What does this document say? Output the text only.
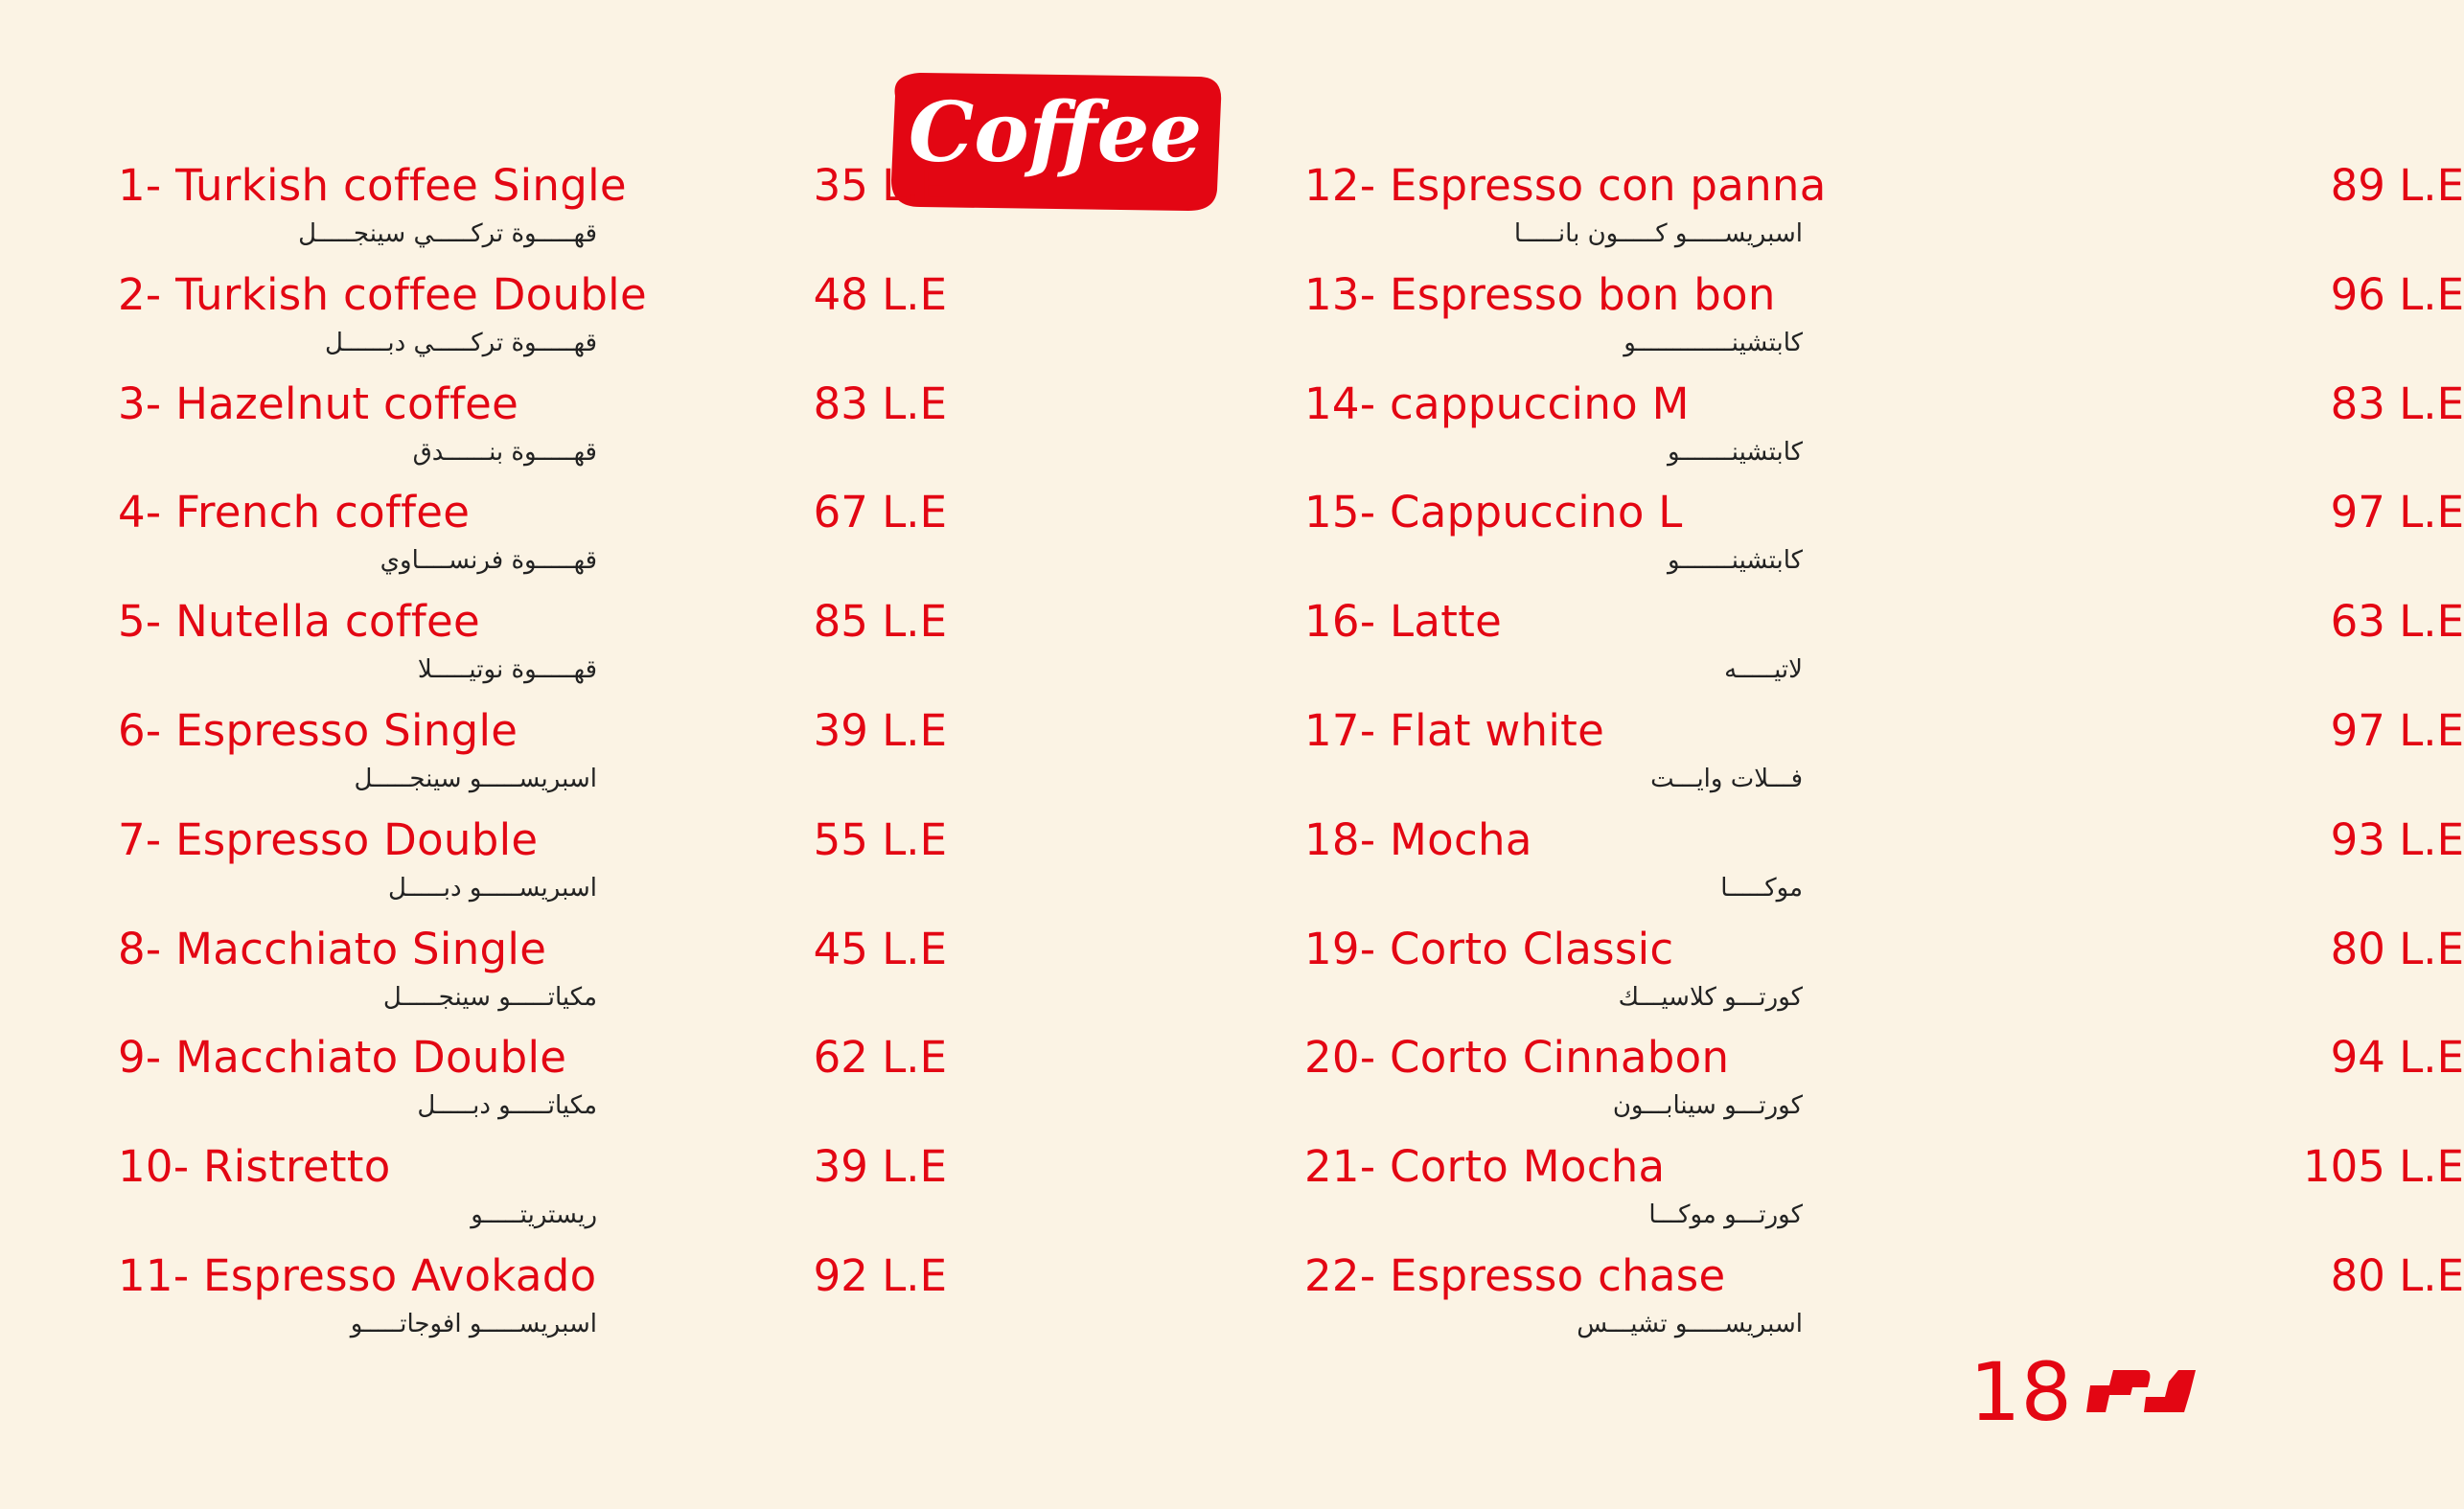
Coffee
1- Turkish coffee Single	35 L.E
قهـــــوة تركـــــي سينجـــــل
2- Turkish coffee Double	48 L.E
قهـــــوة تركـــــي دبــــــل
3- Hazelnut coffee	83 L.E
قهـــــوة بنــــــدق
4- French coffee	67 L.E
قهـــــوة فرنســــاوي
5- Nutella coffee	85 L.E
قهـــــوة نوتيـــــلا
6- Espresso Single	39 L.E
اسبريســـــو سينجـــــل
7- Espresso Double	55 L.E
اسبريســـــو دبـــــل
8- Macchiato Single	45 L.E
مكياتـــــو سينجـــــل
9- Macchiato Double	62 L.E
مكياتـــــو دبـــــل
10- Ristretto	39 L.E
ريستريتـــــو
11- Espresso Avokado	92 L.E
اسبريســـــو افوجاتـــــو
12- Espresso con panna	89 L.E
اسبريســـــو كـــــون بانـــــا
13- Espresso bon bon	96 L.E
كابتشينـــــــــــــو
14- cappuccino M	83 L.E
كابتشينـــــــو
15- Cappuccino L	97 L.E
كابتشينـــــــو
16- Latte	63 L.E
لاتيـــــه
17- Flat white	97 L.E
فـــلات وايـــت
18- Mocha	93 L.E
موكـــــا
19- Corto Classic	80 L.E
كورتـــو كلاسيـــك
20- Corto Cinnabon	94 L.E
كورتـــو سينابـــون
21- Corto Mocha	105 L.E
كورتـــو موكـــا
22- Espresso chase	80 L.E
اسبريســـــو تشيـــس
18
